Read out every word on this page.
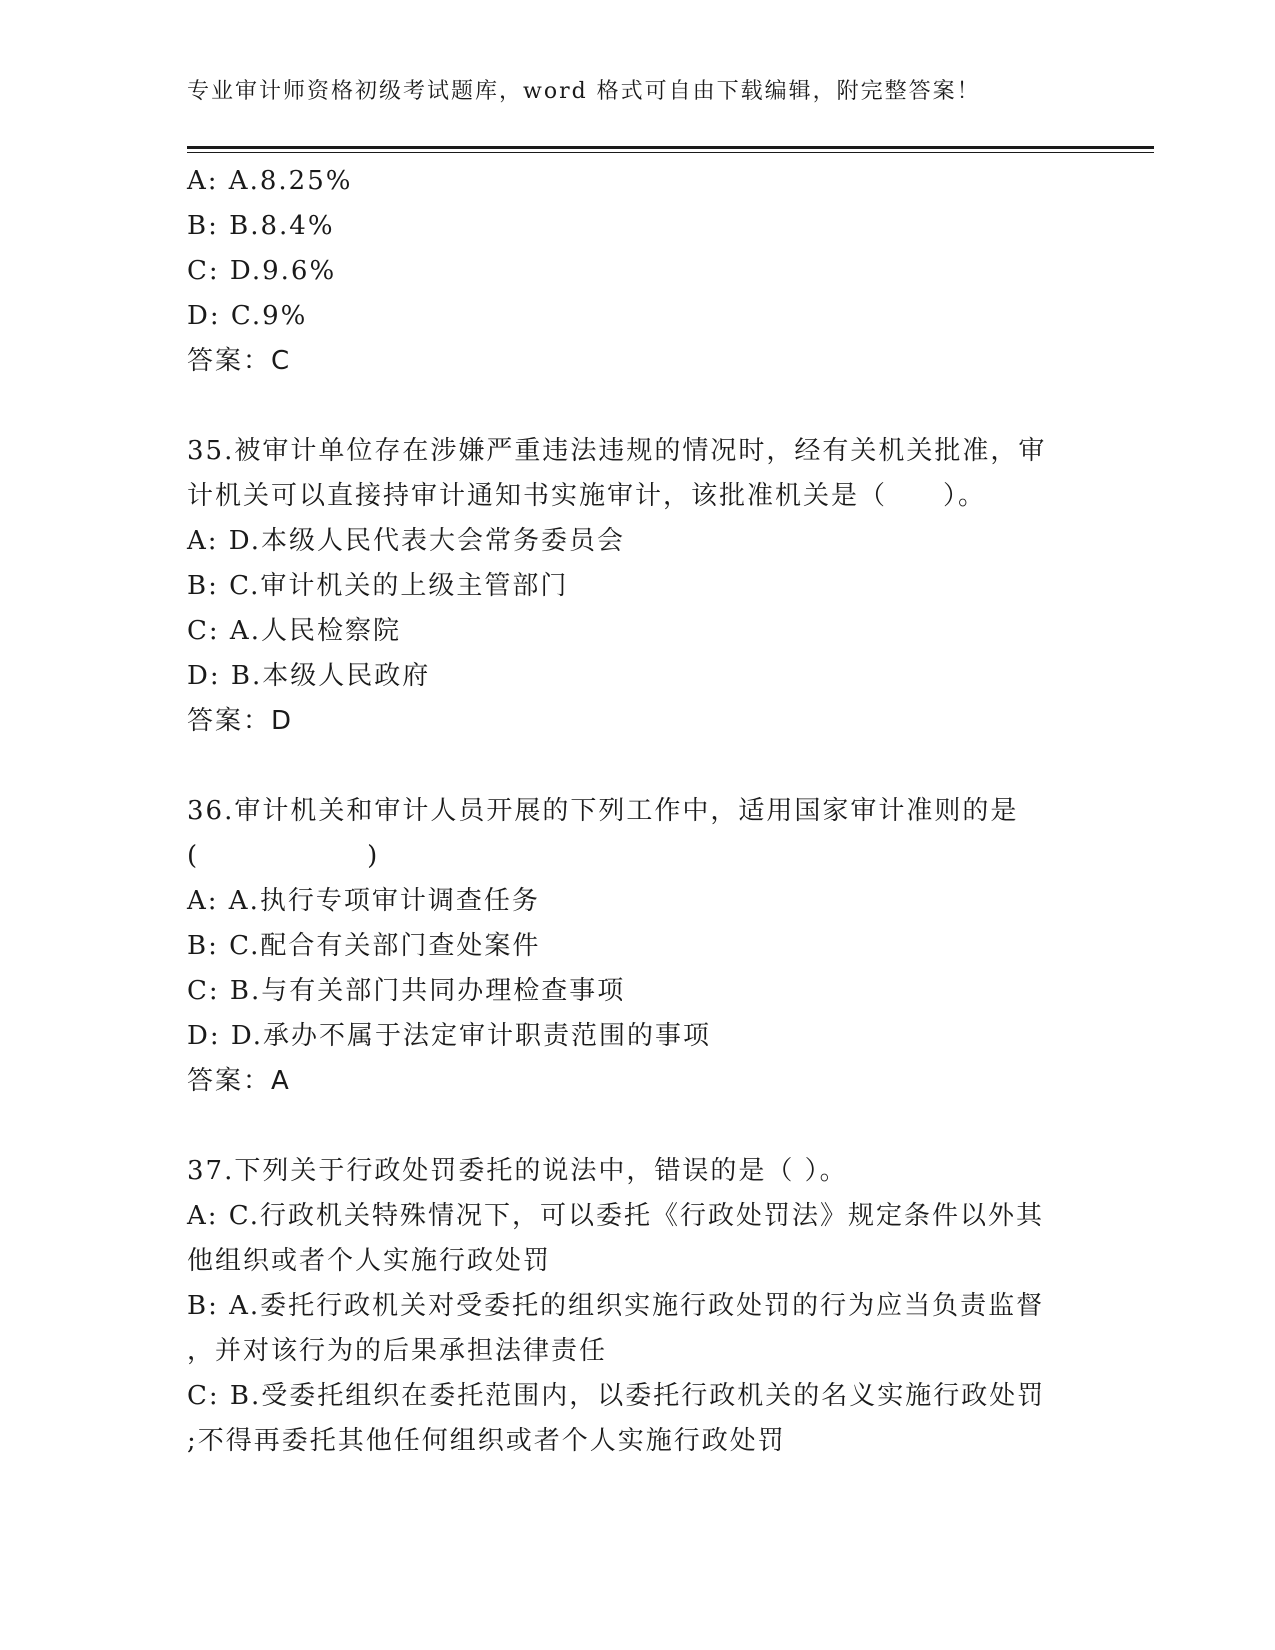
专业审计师资格初级考试题库，word 格式可自由下载编辑，附完整答案！
A: A.8.25%
B: B.8.4%
C: D.9.6%
D: C.9%
答案：C
35.被审计单位存在涉嫌严重违法违规的情况时，经有关机关批准，审
计机关可以直接持审计通知书实施审计，该批准机关是（　　）。
A: D.本级人民代表大会常务委员会
B: C.审计机关的上级主管部门
C: A.人民检察院
D: B.本级人民政府
答案：D
36.审计机关和审计人员开展的下列工作中，适用国家审计准则的是
(　　　　　　)
A: A.执行专项审计调查任务
B: C.配合有关部门查处案件
C: B.与有关部门共同办理检查事项
D: D.承办不属于法定审计职责范围的事项
答案：A
37.下列关于行政处罚委托的说法中，错误的是（ ）。
A: C.行政机关特殊情况下，可以委托《行政处罚法》规定条件以外其
他组织或者个人实施行政处罚
B: A.委托行政机关对受委托的组织实施行政处罚的行为应当负责监督
，并对该行为的后果承担法律责任
C: B.受委托组织在委托范围内，以委托行政机关的名义实施行政处罚
;不得再委托其他任何组织或者个人实施行政处罚
